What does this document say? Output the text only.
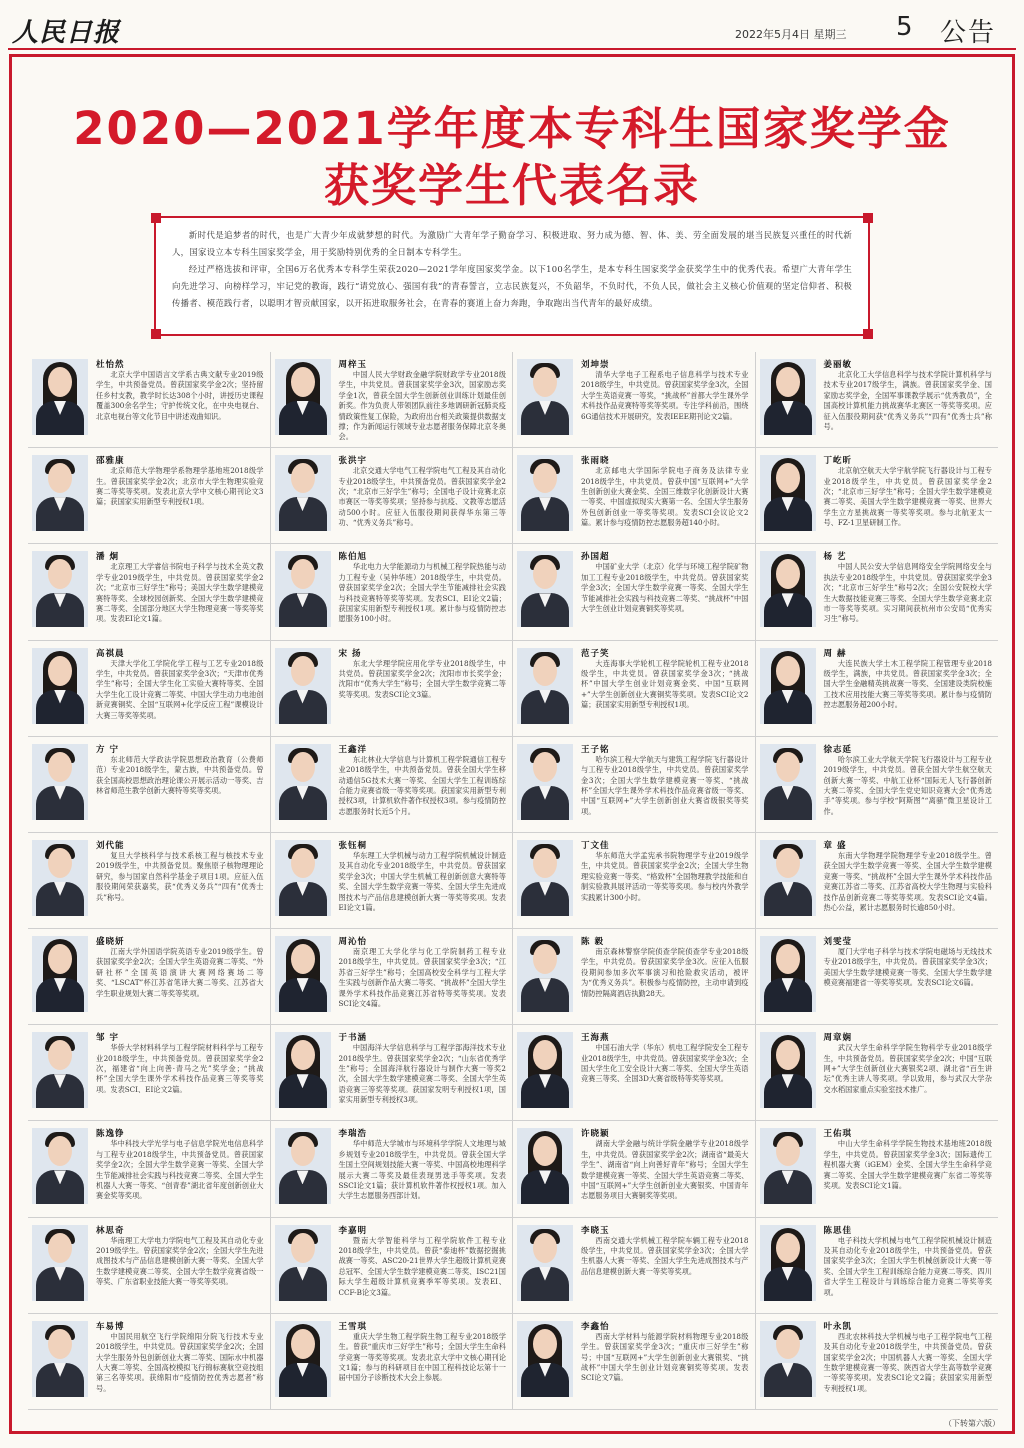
人民日报	2022年5月4日 星期三 5 公告
2020—2021学年度本专科生国家奖学金
获奖学生代表名录

新时代是追梦者的时代，也是广大青少年成就梦想的时代。为激励广大青年学子勤奋学习、积极进取、努力成为德、智、体、美、劳全面发展的堪当民族复兴重任的时代新人，国家设立本专科生国家奖学金，用于奖励特别优秀的全日制本专科学生。

经过严格选拔和评审，全国6万名优秀本专科学生荣获2020—2021学年度国家奖学金。以下100名学生，是本专科生国家奖学金获奖学生中的优秀代表。希望广大青年学生向先进学习、向榜样学习，牢记党的教诲，践行“请党放心、强国有我”的青春誓言，立志民族复兴，不负韶华，不负时代，不负人民，做社会主义核心价值观的坚定信仰者、积极传播者、模范践行者，以聪明才智贡献国家，以开拓进取服务社会，在青春的赛道上奋力奔跑，争取跑出当代青年的最好成绩。

杜怡然
北京大学中国语言文学系古典文献专业2019级学生，中共预备党员。曾获国家奖学金2次；坚持留任乡村支教，教学时长达308个小时，讲授历史课程覆盖300余名学生；守护传统文化，在中央电视台、北京电视台等文化节目中讲述戏曲知识。
周梓玉
中国人民大学财政金融学院财政学专业2018级学生，中共党员。曾获国家奖学金3次，国家励志奖学金1次，曾获全国大学生创新创业训练计划最佳创新奖。作为负责人带领团队前往多地调研新冠肺炎疫情政策性复工保险，为政府出台相关政策提供数据支撑；作为新闻运行领域专业志愿者服务保障北京冬奥会。
刘坤崇
清华大学电子工程系电子信息科学与技术专业2018级学生，中共党员。曾获国家奖学金3次，全国大学生英语竞赛一等奖，“挑战杯”首都大学生课外学术科技作品竞赛特等奖等奖项。专注学科前沿，围绕6G通信技术开展研究，发表IEEE期刊论文2篇。
姜丽敏
北京化工大学信息科学与技术学院计算机科学与技术专业2017级学生，满族。曾获国家奖学金、国家励志奖学金，全国军事课教学展示“优秀教员”，全国高校计算机能力挑战赛华北赛区一等奖等奖项。应征入伍服役期间获“优秀义务兵”“四有”优秀士兵”称号。
邵雅康
北京师范大学物理学系物理学基地班2018级学生。曾获国家奖学金2次；北京市大学生物理实验竞赛二等奖等奖项。发表北京大学中文核心期刊论文3篇；获国家实用新型专利授权1项。
张洪宇
北京交通大学电气工程学院电气工程及其自动化专业2018级学生，中共预备党员。曾获国家奖学金2次；“北京市三好学生”称号；全国电子设计竞赛北京市赛区一等奖等奖项；坚持参与抗疫、文教等志愿活动500小时。应征入伍服役期间获得华东第三等功、“优秀义务兵”称号。
张雨晓
北京邮电大学国际学院电子商务及法律专业2018级学生，中共党员。曾获中国“互联网+”大学生创新创业大赛金奖、全国三维数字化创新设计大赛一等奖、中国虚拟现实大赛第一名、全国大学生服务外包创新创业一等奖等奖项。发表SCI会议论文2篇。累计参与疫情防控志愿服务超140小时。
丁屹昕
北京航空航天大学宇航学院飞行器设计与工程专业2018级学生，中共党员。曾获国家奖学金2次；“北京市三好学生”称号；全国大学生数学建模竞赛二等奖、美国大学生数学建模竞赛一等奖、世界大学生立方星挑战赛一等奖等奖项。参与北航亚太一号、FZ-1卫星研制工作。
潘 炯
北京理工大学睿信书院电子科学与技术全英文教学专业2019级学生，中共党员。曾获国家奖学金2次；“北京市三好学生”称号；美国大学生数学建模竞赛特等奖、全球校园创新奖、全国大学生数学建模竞赛二等奖、全国部分地区大学生物理竞赛一等奖等奖项。发表EI论文1篇。
陈伯旭
华北电力大学能源动力与机械工程学院热能与动力工程专业（吴仲华班）2018级学生，中共党员。曾获国家奖学金2次；全国大学生节能减排社会实践与科技竞赛特等奖等奖项。发表SCI、EI论文2篇；获国家实用新型专利授权1项。累计参与疫情防控志愿服务100小时。
孙国超
中国矿业大学（北京）化学与环境工程学院矿物加工工程专业2018级学生，中共党员。曾获国家奖学金3次；全国大学生数学竞赛一等奖、全国大学生节能减排社会实践与科技竞赛二等奖、“挑战杯”中国大学生创业计划竞赛铜奖等奖项。
杨 艺
中国人民公安大学信息网络安全学院网络安全与执法专业2018级学生，中共党员。曾获国家奖学金3次；“北京市三好学生”称号2次；全国公安院校大学生大数据技能竞赛三等奖、全国大学生数学竞赛北京市一等奖等奖项。实习期间获杭州市公安局“优秀实习生”称号。
高祺晨
天津大学化工学院化学工程与工艺专业2018级学生，中共党员。曾获国家奖学金3次；“天津市优秀学生”称号；全国大学生化工实验大赛特等奖、全国大学生化工设计竞赛二等奖、中国大学生动力电池创新竞赛铜奖、全国“互联网+化学反应工程”课模设计大赛三等奖等奖项。
宋 扬
东北大学理学院应用化学专业2018级学生，中共党员。曾获国家奖学金2次；沈阳市市长奖学金；沈阳市“优秀大学生”称号；全国大学生数学竞赛二等奖等奖项。发表SCI论文3篇。
范子笑
大连海事大学轮机工程学院轮机工程专业2018级学生，中共党员。曾获国家奖学金3次；“挑战杯”中国大学生创业计划竞赛金奖、中国“互联网+”大学生创新创业大赛铜奖等奖项。发表SCI论文2篇；获国家实用新型专利授权1项。
周 赫
大连民族大学土木工程学院工程管理专业2018级学生，满族，中共党员。曾获国家奖学金3次；全国大学生金融精英挑战赛一等奖、全国建设类院校施工技术应用技能大赛三等奖等奖项。累计参与疫情防控志愿服务超200小时。
方 宁
东北师范大学政法学院思想政治教育（公费师范）专业2018级学生，蒙古族，中共预备党员。曾获全国高校思想政治理论课公开展示活动一等奖、吉林省师范生教学创新大赛特等奖等奖项。
王鑫洋
东北林业大学信息与计算机工程学院通信工程专业2018级学生，中共预备党员。曾获全国大学生移动通信5G技术大赛一等奖、全国大学生工程训练综合能力竞赛省级一等奖等奖项。获国家实用新型专利授权3项，计算机软件著作权授权3项。参与疫情防控志愿服务时长近5个月。
王子铭
哈尔滨工程大学航天与建筑工程学院飞行器设计与工程专业2018级学生，中共党员。曾获国家奖学金3次；全国大学生数学建模竞赛一等奖、“挑战杯”全国大学生课外学术科技作品竞赛省级一等奖、中国“互联网+”大学生创新创业大赛省级银奖等奖项。
徐志延
哈尔滨工业大学航天学院飞行器设计与工程专业2019级学生，中共党员。曾获全国大学生航空航天创新大赛一等奖、中航工业杯“国际无人飞行器创新大赛二等奖、全国大学生党史知识竞赛大会“优秀选手”等奖项。参与学校“阿斯图”“离骚”微卫星设计工作。
刘代能
复旦大学核科学与技术系核工程与核技术专业2019级学生，中共预备党员。聚焦原子核物理理论研究，参与国家自然科学基金子项目1项。应征入伍服役期间荣获嘉奖，获“优秀义务兵”“四有”优秀士兵”称号。
张钰桐
华东理工大学机械与动力工程学院机械设计制造及其自动化专业2018级学生，中共党员。曾获国家奖学金3次；中国大学生机械工程创新创意大赛特等奖、全国大学生数学竞赛一等奖、全国大学生先进成图技术与产品信息建模创新大赛一等奖等奖项。发表EI论文1篇。
丁文佳
华东师范大学孟宪承书院物理学专业2019级学生，中共党员。曾获国家奖学金2次；全国大学生物理实验竞赛一等奖、“格致杯”全国物理教学技能和自制实验教具展评活动一等奖等奖项。参与校内外教学实践累计300小时。
章 盛
东南大学物理学院物理学专业2018级学生。曾获全国大学生数学竞赛一等奖、全国大学生数学建模竞赛一等奖、“挑战杯”全国大学生课外学术科技作品竞赛江苏省二等奖、江苏省高校大学生物理与实验科技作品创新竞赛二等奖等奖项。发表SCI论文4篇。热心公益，累计志愿服务时长逾850小时。
盛晓妍
江南大学外国语学院英语专业2019级学生。曾获国家奖学金2次；全国大学生英语竞赛二等奖、“外研社杯”全国英语演讲大赛网络赛场二等奖、“LSCAT”杯江苏省笔译大赛二等奖、江苏省大学生职业规划大赛二等奖等奖项。
周沁怡
南京理工大学化学与化工学院制药工程专业2018级学生，中共党员。曾获国家奖学金3次；“江苏省三好学生”称号；全国高校安全科学与工程大学生实践与创新作品大赛二等奖、“挑战杯”全国大学生课外学术科技作品竞赛江苏省特等奖等奖项。发表SCI论文4篇。
陈 毅
南京森林警察学院侦查学院侦查学专业2018级学生，中共党员。曾获国家奖学金3次。应征入伍服役期间参加多次军事演习和抢险救灾活动，被评为“优秀义务兵”。积极参与疫情防控，主动申请到疫情防控隔离酒店执勤28天。
刘雯莹
厦门大学电子科学与技术学院电磁场与无线技术专业2018级学生，中共党员。曾获国家奖学金3次；美国大学生数学建模竞赛一等奖、全国大学生数学建模竞赛福建省一等奖等奖项。发表SCI论文6篇。
邹 宇
华侨大学材料科学与工程学院材料科学与工程专业2018级学生，中共预备党员。曾获国家奖学金2次，福建省“向上向善·青马之光”奖学金；“挑战杯”全国大学生课外学术科技作品竞赛三等奖等奖项。发表SCI、EI论文2篇。
于书涵
中国海洋大学信息科学与工程学部海洋技术专业2018级学生。曾获国家奖学金2次；“山东省优秀学生”称号；全国海洋航行器设计与制作大赛一等奖2次，全国大学生数学建模竞赛二等奖、全国大学生英语竞赛三等奖等奖项。获国家发明专利授权1项，国家实用新型专利授权3项。
王海燕
中国石油大学（华东）机电工程学院安全工程专业2018级学生，中共党员。曾获国家奖学金3次；全国大学生化工安全设计大赛二等奖、全国大学生英语竞赛三等奖、全国3D大赛省级特等奖等奖项。
周章娴
武汉大学生命科学学院生物科学专业2018级学生，中共预备党员。曾获国家奖学金2次；中国“互联网+”大学生创新创业大赛银奖2项、湖北省“百生讲坛”优秀主讲人等奖项。学以致用，参与武汉大学杂交水稻国家重点实验室技术推广。
陈逸铮
华中科技大学光学与电子信息学院光电信息科学与工程专业2018级学生，中共预备党员。曾获国家奖学金2次；全国大学生数学竞赛一等奖、全国大学生节能减排社会实践与科技竞赛二等奖、全国大学生机器人大赛一等奖、“创青春”湖北省年度创新创业大赛金奖等奖项。
李瑞浩
华中师范大学城市与环境科学学院人文地理与城乡规划专业2018级学生，中共党员。曾获全国大学生国土空间规划技能大赛一等奖、中国高校地理科学展示大赛二等奖及最佳表现男选手等奖项。发表SSCI论文1篇；获计算机软件著作权授权1项。加入大学生志愿服务西部计划。
许晓颖
湖南大学金融与统计学院金融学专业2018级学生，中共党员。曾获国家奖学金2次；湖南省“最美大学生”、湖南省“向上向善好青年”称号；全国大学生数学建模竞赛一等奖、全国大学生英语竞赛二等奖、中国“互联网+”大学生创新创业大赛银奖、中国青年志愿服务项目大赛铜奖等奖项。
王佑琪
中山大学生命科学学院生物技术基地班2018级学生，中共党员。曾获国家奖学金3次；国际遗传工程机器大赛（iGEM）金奖、全国大学生生命科学竞赛二等奖、全国大学生数学建模竞赛广东省二等奖等奖项。发表SCI论文1篇。
林思奇
华南理工大学电力学院电气工程及其自动化专业2019级学生。曾获国家奖学金2次；全国大学生先进成图技术与产品信息建模创新大赛一等奖、全国大学生数学建模竞赛二等奖、全国大学生数学竞赛省级一等奖、广东省职业技能大赛一等奖等奖项。
李嘉明
暨南大学智能科学与工程学院软件工程专业2018级学生，中共党员。曾获“泰迪杯”数据挖掘挑战赛一等奖、ASC20-21世界大学生超级计算机竞赛总冠军、全国大学生数学建模竞赛二等奖、ISC21国际大学生超级计算机竞赛季军等奖项。发表EI、CCF-B论文3篇。
李晓玉
西南交通大学机械工程学院车辆工程专业2018级学生，中共党员。曾获国家奖学金3次；全国大学生机器人大赛一等奖、全国大学生先进成图技术与产品信息建模创新大赛一等奖等奖项。
陈思佳
电子科技大学机械与电气工程学院机械设计制造及其自动化专业2018级学生，中共预备党员。曾获国家奖学金3次；全国大学生机械创新设计大赛一等奖、全国大学生工程训练综合能力竞赛二等奖、四川省大学生工程设计与训练综合能力竞赛二等奖等奖项。
车易博
中国民用航空飞行学院绵阳分院飞行技术专业2018级学生，中共党员。曾获国家奖学金2次；全国大学生服务外包创新创业大赛二等奖、国际水中机器人大赛二等奖、全国高校模拟飞行锦标赛航空竞技组第三名等奖项。获绵阳市“疫情防控优秀志愿者”称号。
王雪琪
重庆大学生物工程学院生物工程专业2018级学生。曾获“重庆市三好学生”称号；全国大学生生命科学竞赛一等奖等奖项。发表北京大学中文核心期刊论文1篇；参与的科研项目在中国工程科技论坛第十一届中国分子诊断技术大会上参展。
李鑫怡
西南大学材料与能源学院材料物理专业2018级学生。曾获国家奖学金3次；“重庆市三好学生”称号；中国“互联网+”大学生创新创业大赛银奖、“挑战杯”中国大学生创业计划竞赛铜奖等奖项。发表SCI论文7篇。
叶永凯
西北农林科技大学机械与电子工程学院电气工程及其自动化专业2018级学生，中共预备党员。曾获国家奖学金2次；中国机器人大赛一等奖、全国大学生数学建模竞赛一等奖、陕西省大学生高等数学竞赛一等奖等奖项。发表SCI论文2篇；获国家实用新型专利授权1项。
（下转第六版）
